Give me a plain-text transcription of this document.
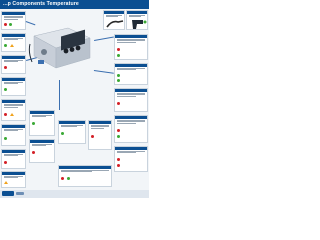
...p Components Temperature
